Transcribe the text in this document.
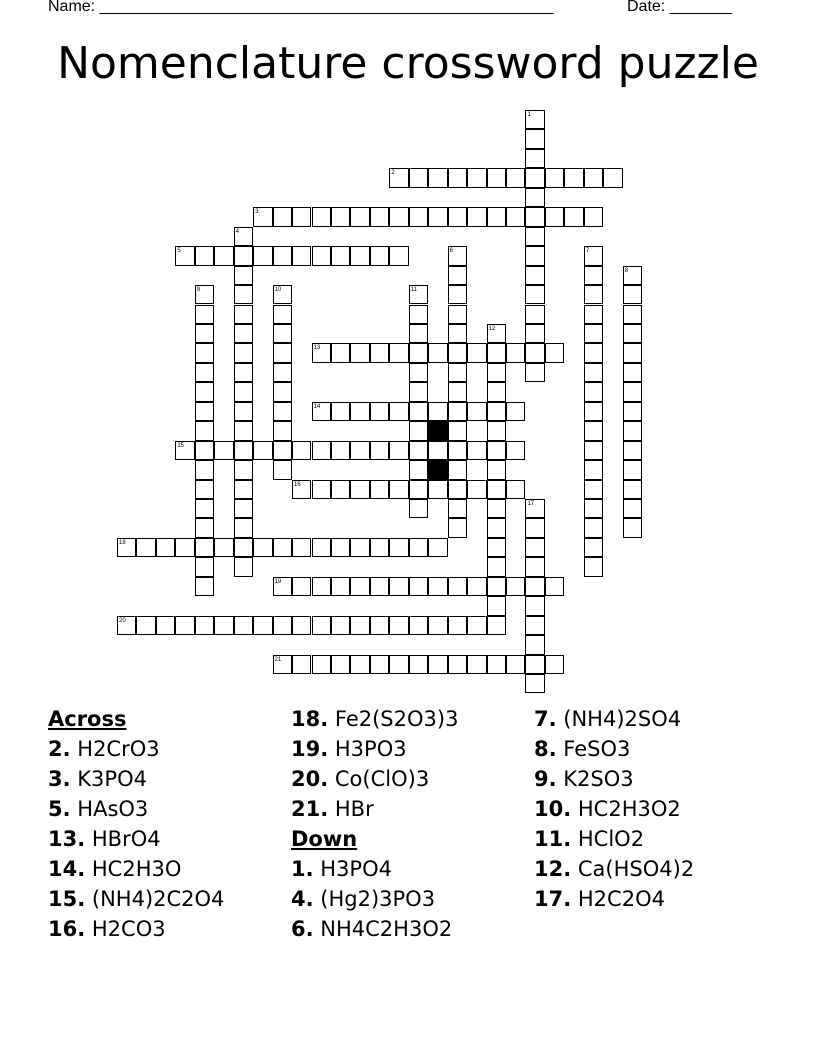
Name: ___________________________________________________	Date: _______
Nomenclature crossword puzzle
1
2
3
4
5	6	7
8
9	10	11
12
13
14
15
16
17
18
19
20
21
Across
2. H2CrO3
3. K3PO4
5. HAsO3
13. HBrO4
14. HC2H3O
15. (NH4)2C2O4
16. H2CO3
18. Fe2(S2O3)3
19. H3PO3
20. Co(ClO)3
21. HBr
Down
1. H3PO4
4. (Hg2)3PO3
6. NH4C2H3O2
7. (NH4)2SO4
8. FeSO3
9. K2SO3
10. HC2H3O2
11. HClO2
12. Ca(HSO4)2
17. H2C2O4
